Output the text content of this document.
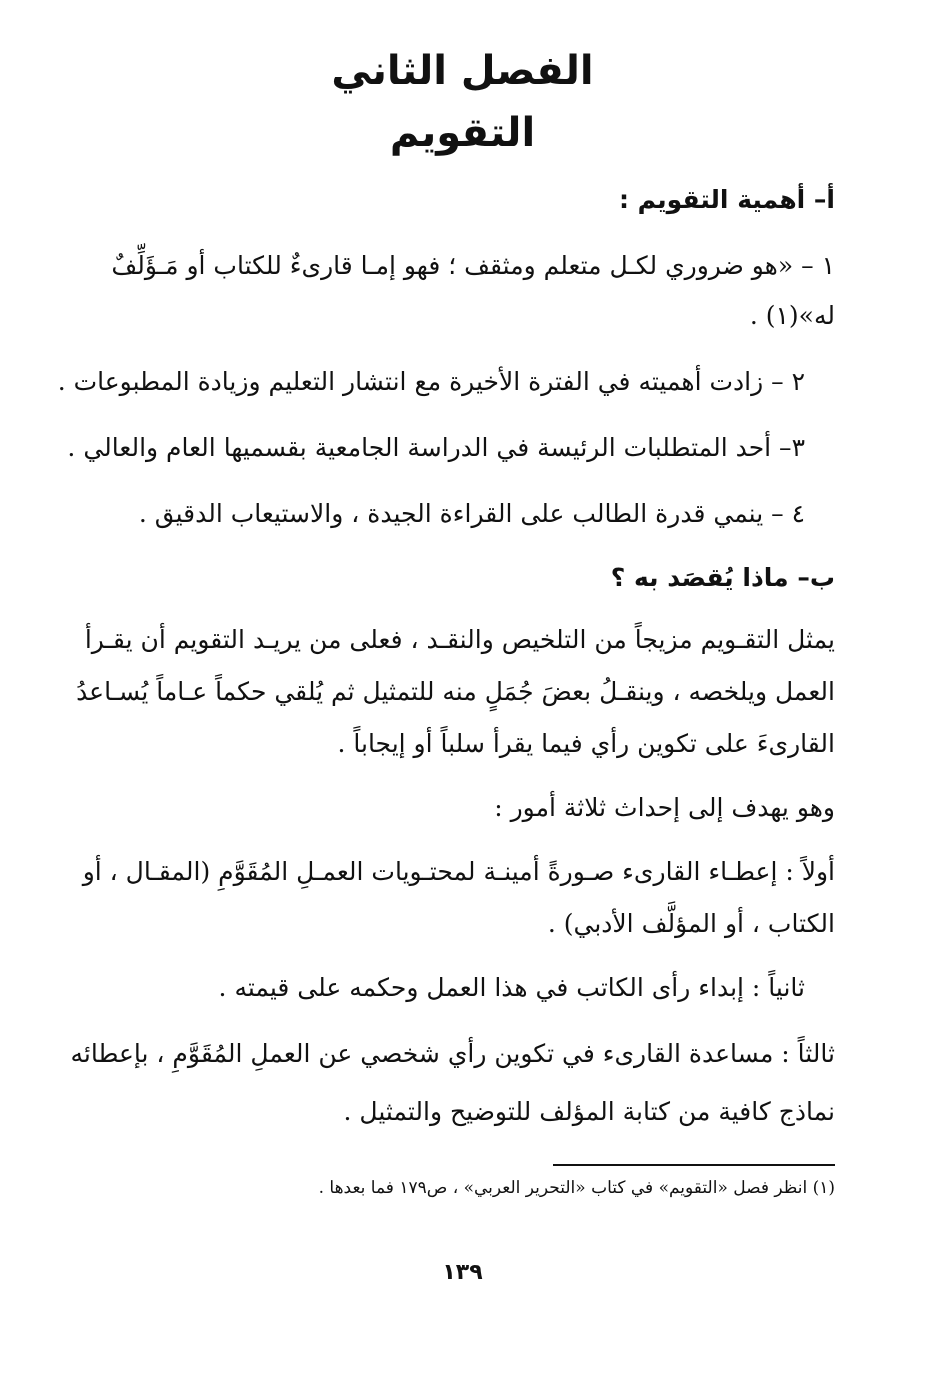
الفصل الثاني
التقويم
أ– أهمية التقويم :
١ – «هو ضروري لكـل متعلم ومثقف ؛ فهو إمـا قارىءٌ للكتاب أو مَـؤَلِّفٌ
له»(١) .
٢ – زادت أهميته في الفترة الأخيرة مع انتشار التعليم وزيادة المطبوعات .
٣– أحد المتطلبات الرئيسة في الدراسة الجامعية بقسميها العام والعالي .
٤ – ينمي قدرة الطالب على القراءة الجيدة ، والاستيعاب الدقيق .
ب– ماذا يُقصَد به ؟
يمثل التقـويم مزيجاً من التلخيص والنقـد ، فعلى من يريـد التقويم أن يقـرأ
العمل ويلخصه ، وينقـلُ بعضَ جُمَلٍ منه للتمثيل ثم يُلقي حكماً عـاماً يُسـاعدُ
القارىءَ على تكوين رأي فيما يقرأ سلباً أو إيجاباً .
وهو يهدف إلى إحداث ثلاثة أمور :
أولاً : إعطـاء القارىء صـورةً أمينـة لمحتـويات العمـلِ المُقَوَّمِ (المقـال ، أو
الكتاب ، أو المؤلَّف الأدبي) .
ثانياً : إبداء رأى الكاتب في هذا العمل وحكمه على قيمته .
ثالثاً : مساعدة القارىء في تكوين رأي شخصي عن العملِ المُقَوَّمِ ، بإعطائه
نماذج كافية من كتابة المؤلف للتوضيح والتمثيل .
(١) انظر فصل «التقويم» في كتاب «التحرير العربي» ، ص١٧٩ فما بعدها .
١٣٩
